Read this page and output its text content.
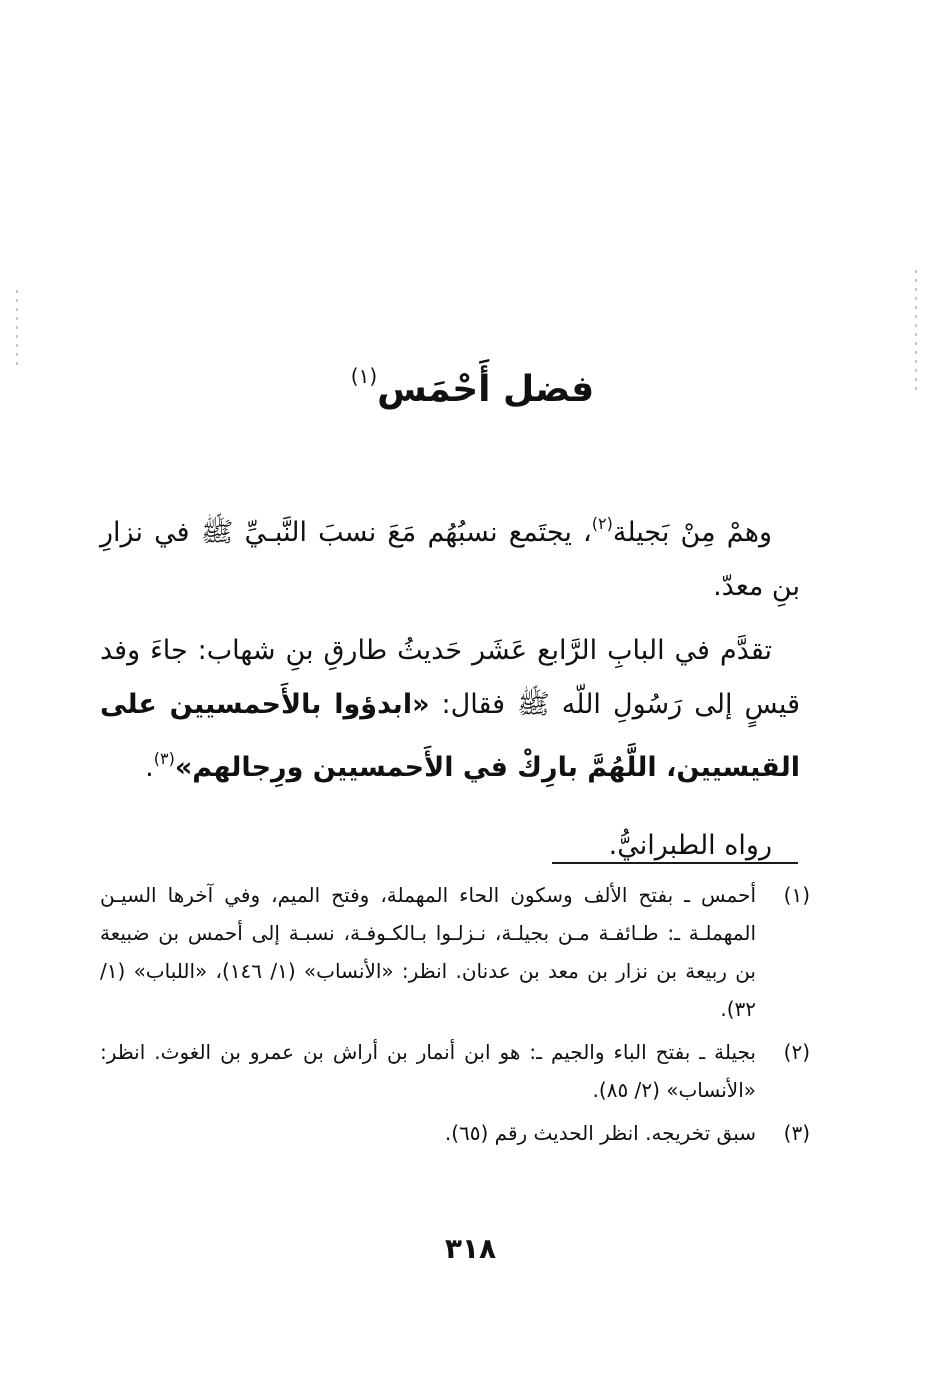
فضل أَحْمَس$^{(١)}$

وهمْ مِنْ بَجيلة$^{(٢)}$، يجتَمع نسبُهُم مَعَ نسبَ النَّبـيِّ ﷺ في نزارِ بنِ معدّ.

تقدَّم في البابِ الرَّابع عَشَر حَديثُ طارقِ بنِ شهاب: جاءَ وفد قيسٍ إلى رَسُولِ اللّه ﷺ فقال: «ابدؤوا بالأَحمسيين على القيسيين، اللَّهُمَّ بارِكْ في الأَحمسيين ورِجالهم»$^{(٣)}$.

رواه الطبرانيُّ.

(١)
أحمس ـ بفتح الألف وسكون الحاء المهملة، وفتح الميم، وفي آخرها السيـن المهملـة ـ: طـائفـة مـن بجيلـة، نـزلـوا بـالكـوفـة، نسبـة إلى أحمس بن ضبيعة بن ربيعة بن نزار بن معد بن عدنان. انظر: «الأنساب» (١/ ١٤٦)، «اللباب» (١/ ٣٢).
(٢)
بجيلة ـ بفتح الباء والجيم ـ: هو ابن أنمار بن أراش بن عمرو بن الغوث. انظر: «الأنساب» (٢/ ٨٥).
(٣)
سبق تخريجه. انظر الحديث رقم (٦٥).
٣١٨
